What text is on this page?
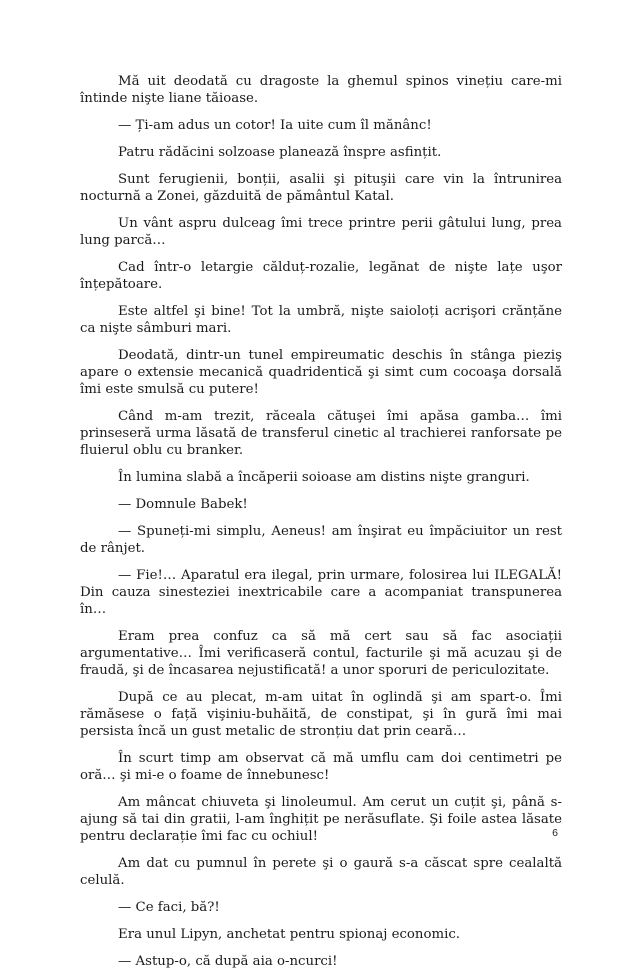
Mă uit deodată cu dragoste la ghemul spinos vinețiu care-mi întinde nişte liane tăioase.

— Ți-am adus un cotor! Ia uite cum îl mănânc!

Patru rădăcini solzoase planează înspre asfințit.

Sunt ferugienii, bonții, asalii şi pituşii care vin la întrunirea nocturnă a Zonei, găzduită de pământul Katal.

Un vânt aspru dulceag îmi trece printre perii gâtului lung, prea lung parcă…

Cad într-o letargie călduț-rozalie, legănat de nişte lațe uşor înțepătoare.

Este altfel şi bine! Tot la umbră, nişte saioloți acrişori crănțăne ca nişte sâmburi mari.

Deodată, dintr-un tunel empireumatic deschis în stânga pieziş apare o extensie mecanică quadridentică şi simt cum cocoaşa dorsală îmi este smulsă cu putere!

Când m-am trezit, răceala cătuşei îmi apăsa gamba… îmi prinseseră urma lăsată de transferul cinetic al trachierei ranforsate pe fluierul oblu cu branker.

În lumina slabă a încăperii soioase am distins nişte granguri.

— Domnule Babek!

— Spuneți-mi simplu, Aeneus! am înşirat eu împăciuitor un rest de rânjet.

— Fie!… Aparatul era ilegal, prin urmare, folosirea lui ILEGALĂ! Din cauza sinesteziei inextricabile care a acompaniat transpunerea în…

Eram prea confuz ca să mă cert sau să fac asociații argumentative… Îmi verificaseră contul, facturile şi mă acuzau şi de fraudă, şi de încasarea nejustificată! a unor sporuri de periculozitate.

După ce au plecat, m-am uitat în oglindă şi am spart-o. Îmi rămăsese o față vişiniu-buhăită, de constipat, şi în gură îmi mai persista încă un gust metalic de stronțiu dat prin ceară…

În scurt timp am observat că mă umflu cam doi centimetri pe oră… şi mi-e o foame de înnebunesc!

Am mâncat chiuveta şi linoleumul. Am cerut un cuțit şi, până s-ajung să tai din gratii, l-am înghițit pe nerăsuflate. Şi foile astea lăsate pentru declarație îmi fac cu ochiul!

Am dat cu pumnul în perete şi o gaură s-a căscat spre cealaltă celulă.

— Ce faci, bă?!

Era unul Lipyn, anchetat pentru spionaj economic.

— Astup-o, că după aia o-ncurci!

6
